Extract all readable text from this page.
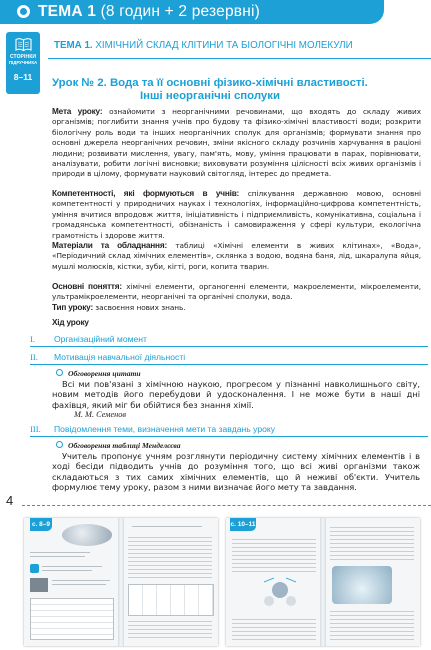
ТЕМА 1 (8 годин + 2 резервні)
СТОРІНКИ
ПІДРУЧНИКА
8–11
ТЕМА 1. ХІМІЧНИЙ СКЛАД КЛІТИНИ ТА БІОЛОГІЧНІ МОЛЕКУЛИ
Урок № 2. Вода та її основні фізико-хімічні властивості.
Інші неорганічні сполуки
Мета уроку: ознайомити з неорганічними речовинами, що входять до складу живих організмів; поглибити знання учнів про будову та фізико-хімічні властивості води; розкрити біологічну роль води та інших неорганічних сполук для організмів; формувати знання про основні джерела неорганічних речовин, зміни якісного складу розчинів харчування в раціоні людини; розвивати мислення, увагу, пам'ять, мову, уміння працювати в парах, порівнювати, аналізувати, робити логічні висновки; виховувати розуміння цілісності всіх живих організмів і природи в цілому, формувати науковий світогляд, інтерес до предмета.
Компетентності, які формуються в учнів: спілкування державною мовою, основні компетентності у природничих науках і технологіях, інформаційно-цифрова компетентність, уміння вчитися впродовж життя, ініціативність і підприємливість, комунікативна, соціальна і громадянська компетентності, обізнаність і самовираження у сфері культури, екологічна грамотність і здорове життя.
Матеріали та обладнання: таблиці «Хімічні елементи в живих клітинах», «Вода», «Періодичний склад хімічних елементів», склянка з водою, водяна баня, лід, шкаралупа яйця, мушлі молюсків, кістки, зуби, кігті, роги, копита тварин.
Основні поняття: хімічні елементи, органогенні елементи, макроелементи, мікроелементи, ультрамікроелементи, неорганічні та органічні сполуки, вода.
Тип уроку: засвоєння нових знань.
Хід уроку
I. Організаційний момент
II. Мотивація навчальної діяльності
Обговорення цитати
Всі ми пов'язані з хімічною наукою, прогресом у пізнанні навколишнього світу, новим методів його перебудови й удосконалення. І не може бути в наші дні фахівця, який міг би обійтися без знання хімії.
М. М. Семенов
III. Повідомлення теми, визначення мети та завдань уроку
Обговорення таблиці Менделєєва
Учитель пропонує учням розглянути періодичну систему хімічних елементів і в ході бесіди підводить учнів до розуміння того, що всі живі організми також складаються з тих самих хімічних елементів, що й неживі об'єкти. Учитель формулює тему уроку, разом з ними визначає його мету та завдання.
4
с. 8–9	с. 10–11
